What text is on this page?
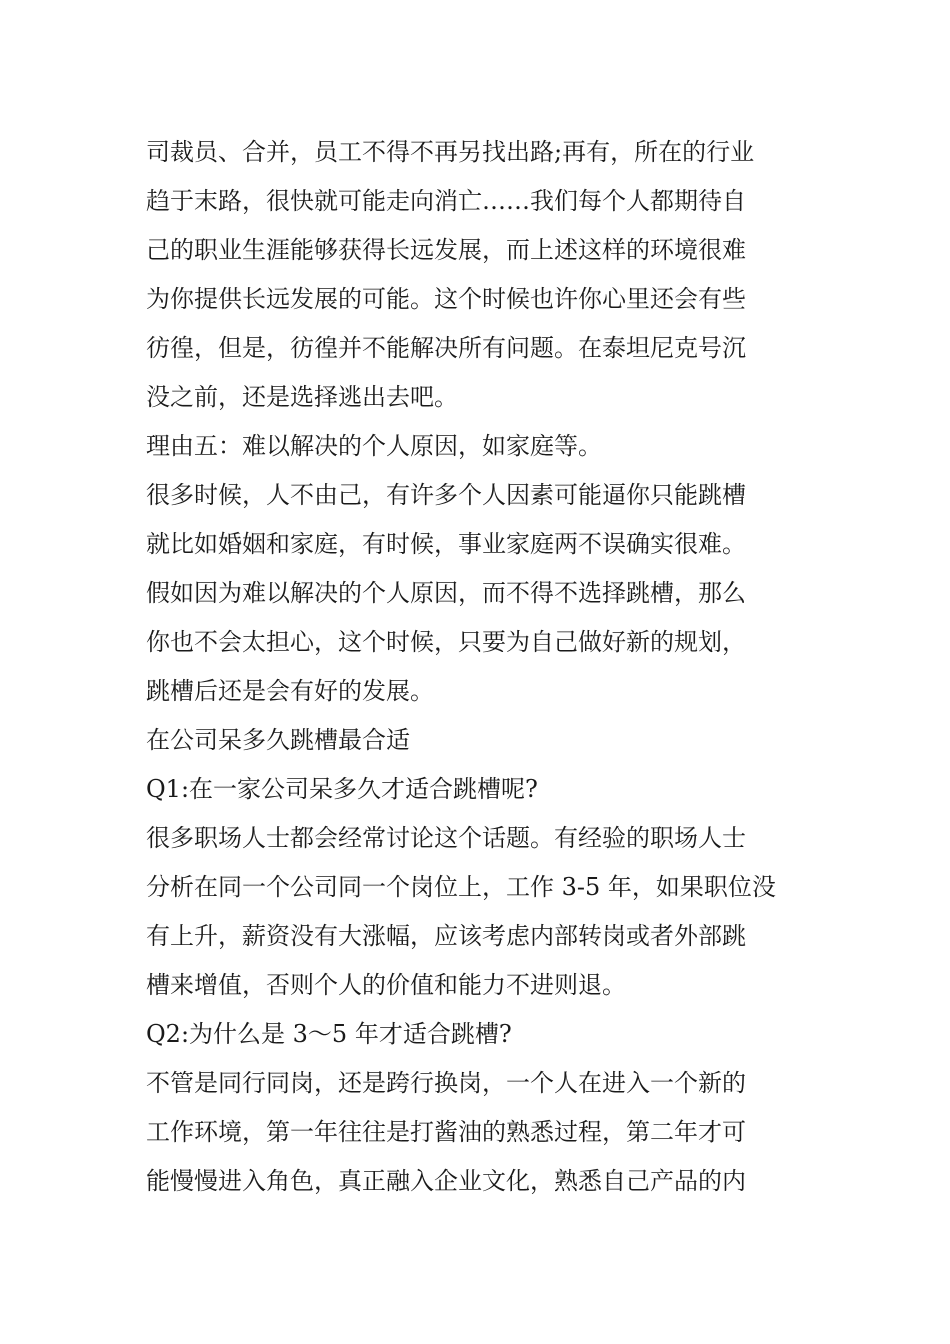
司裁员、合并，员工不得不再另找出路;再有，所在的行业
趋于末路，很快就可能走向消亡……我们每个人都期待自
己的职业生涯能够获得长远发展，而上述这样的环境很难
为你提供长远发展的可能。这个时候也许你心里还会有些
彷徨，但是，彷徨并不能解决所有问题。在泰坦尼克号沉
没之前，还是选择逃出去吧。
理由五：难以解决的个人原因，如家庭等。
很多时候，人不由己，有许多个人因素可能逼你只能跳槽
就比如婚姻和家庭，有时候，事业家庭两不误确实很难。
假如因为难以解决的个人原因，而不得不选择跳槽，那么
你也不会太担心，这个时候，只要为自己做好新的规划，
跳槽后还是会有好的发展。
在公司呆多久跳槽最合适
Q1:在一家公司呆多久才适合跳槽呢?
很多职场人士都会经常讨论这个话题。有经验的职场人士
分析在同一个公司同一个岗位上，工作 3-5 年，如果职位没
有上升，薪资没有大涨幅，应该考虑内部转岗或者外部跳
槽来增值，否则个人的价值和能力不进则退。
Q2:为什么是 3～5 年才适合跳槽?
不管是同行同岗，还是跨行换岗，一个人在进入一个新的
工作环境，第一年往往是打酱油的熟悉过程，第二年才可
能慢慢进入角色，真正融入企业文化，熟悉自己产品的内
